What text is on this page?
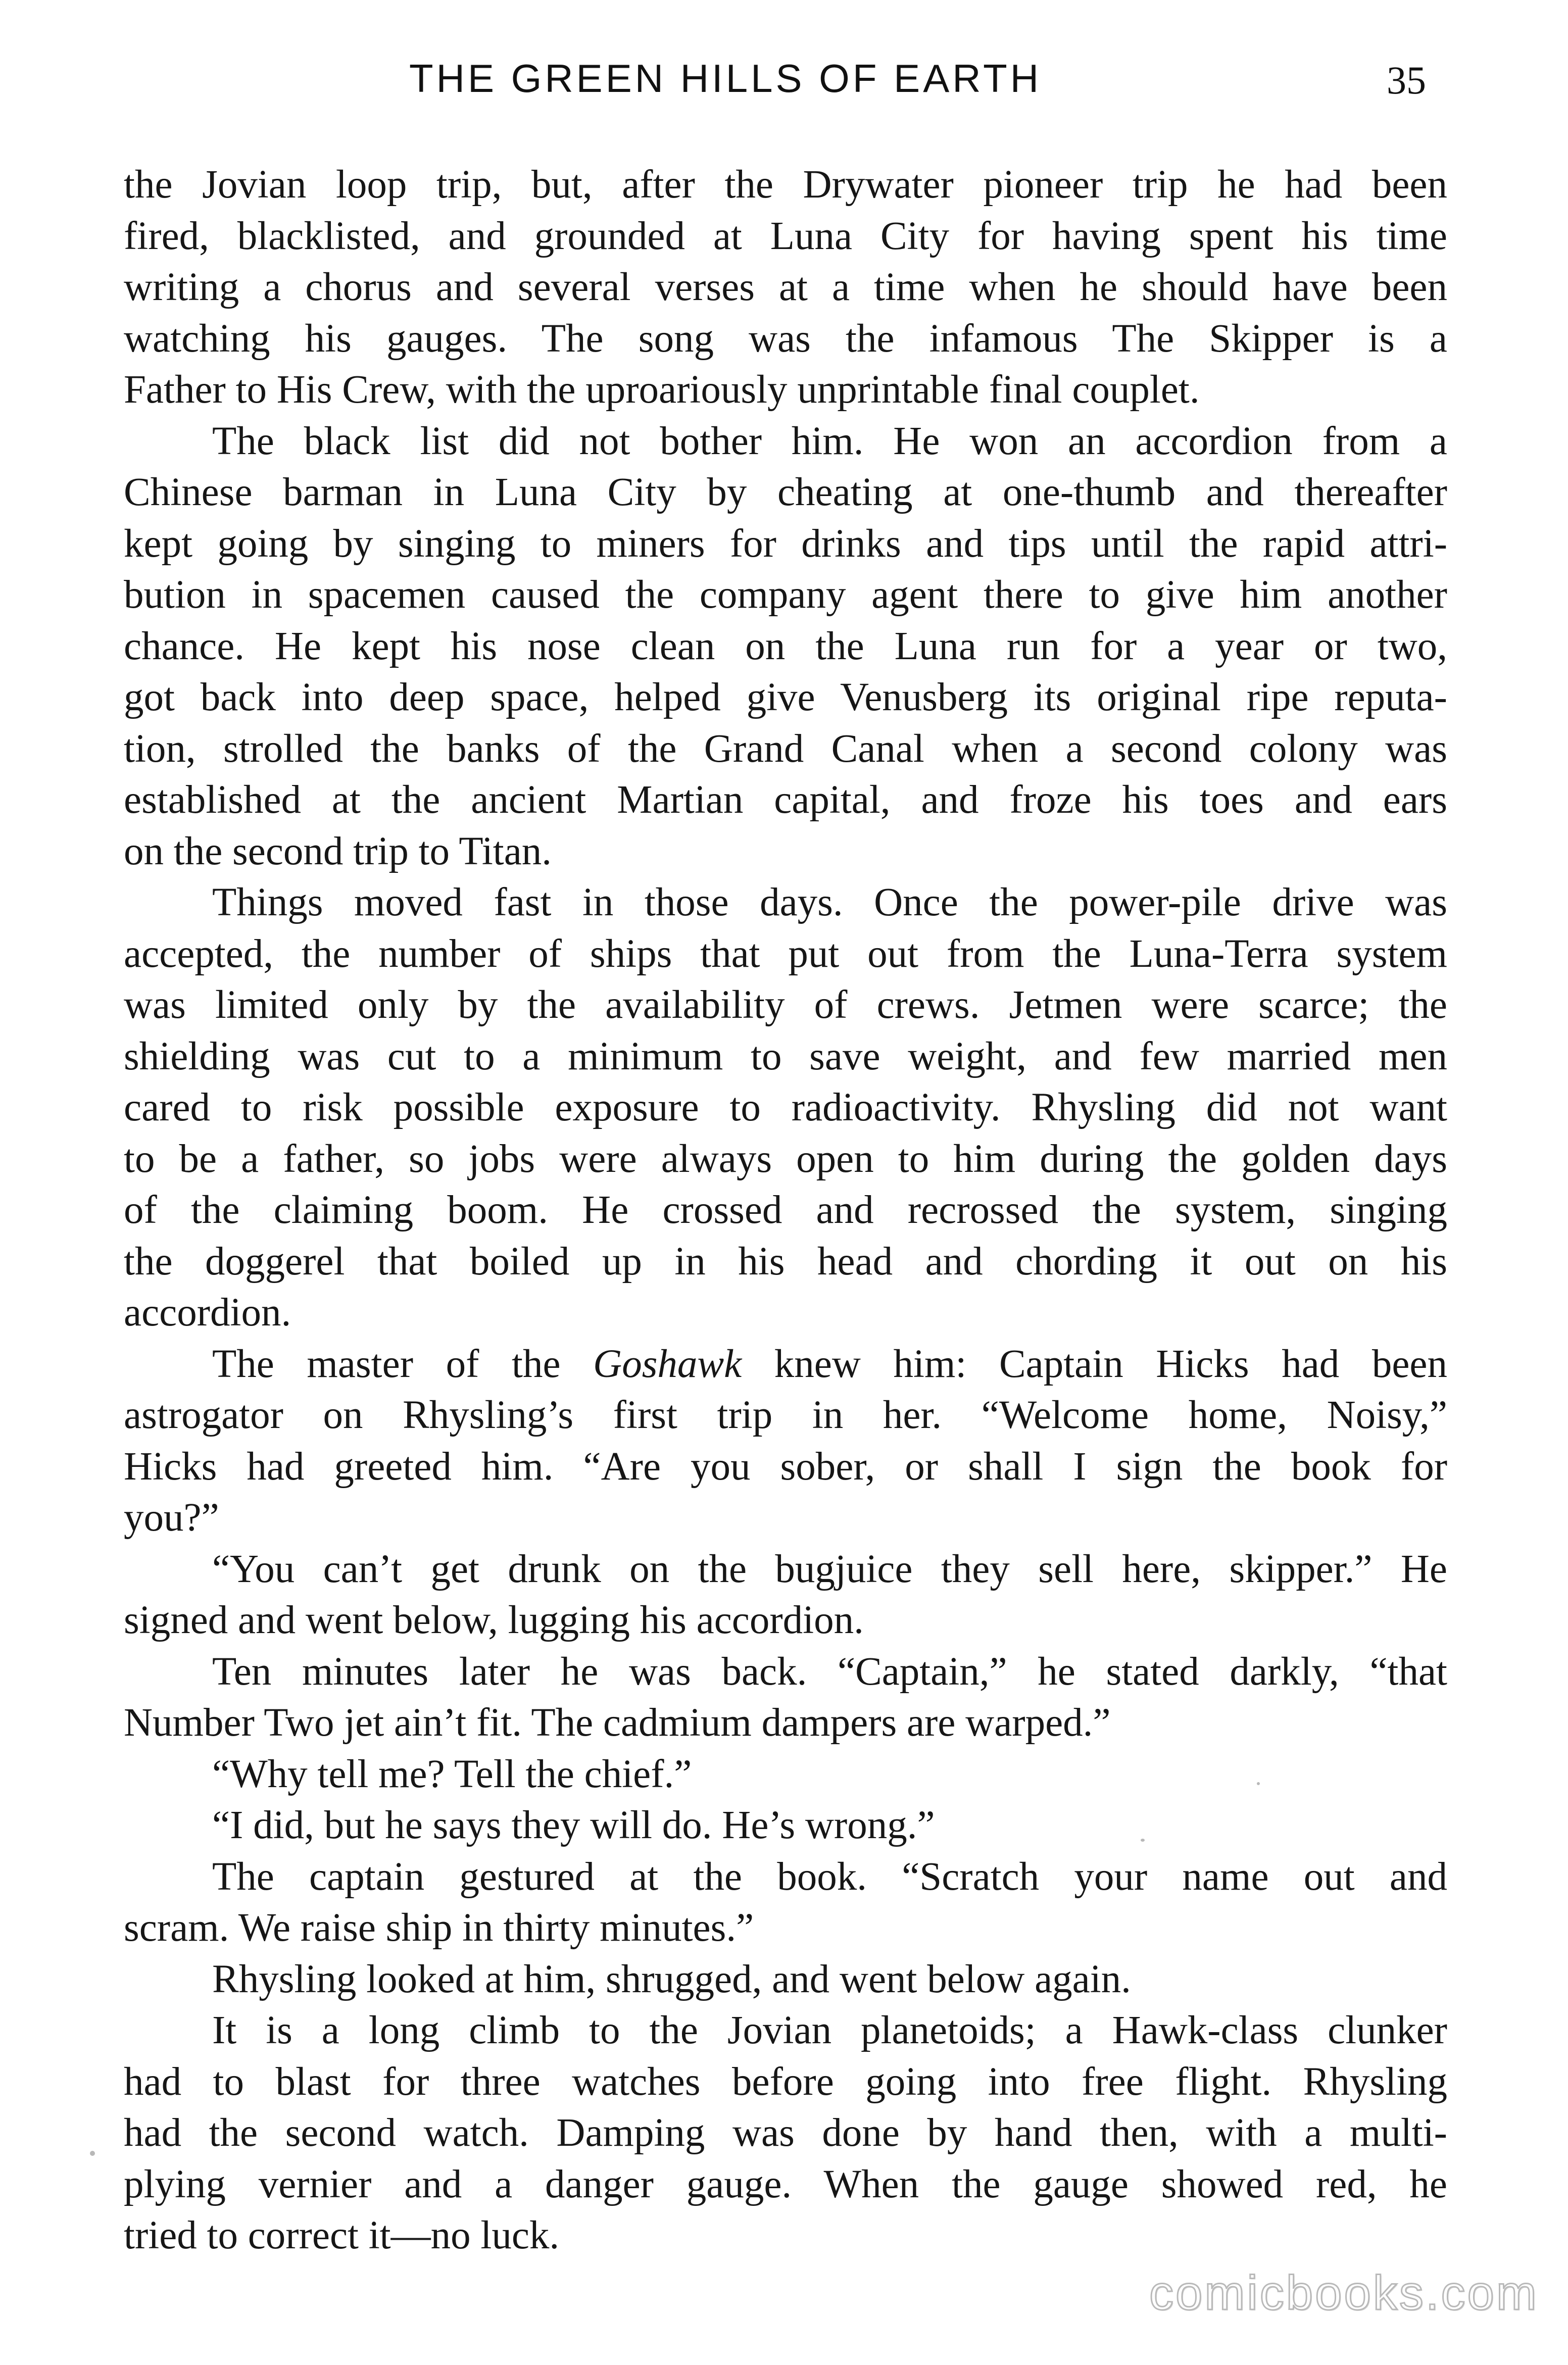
THE GREEN HILLS OF EARTH	35
the Jovian loop trip, but, after the Drywater pioneer trip he had been
fired, blacklisted, and grounded at Luna City for having spent his time
writing a chorus and several verses at a time when he should have been
watching his gauges. The song was the infamous The Skipper is a
Father to His Crew, with the uproariously unprintable final couplet.
The black list did not bother him. He won an accordion from a
Chinese barman in Luna City by cheating at one-thumb and thereafter
kept going by singing to miners for drinks and tips until the rapid attri-
bution in spacemen caused the company agent there to give him another
chance. He kept his nose clean on the Luna run for a year or two,
got back into deep space, helped give Venusberg its original ripe reputa-
tion, strolled the banks of the Grand Canal when a second colony was
established at the ancient Martian capital, and froze his toes and ears
on the second trip to Titan.
Things moved fast in those days. Once the power-pile drive was
accepted, the number of ships that put out from the Luna-Terra system
was limited only by the availability of crews. Jetmen were scarce; the
shielding was cut to a minimum to save weight, and few married men
cared to risk possible exposure to radioactivity. Rhysling did not want
to be a father, so jobs were always open to him during the golden days
of the claiming boom. He crossed and recrossed the system, singing
the doggerel that boiled up in his head and chording it out on his
accordion.
The master of the Goshawk knew him: Captain Hicks had been
astrogator on Rhysling’s first trip in her. “Welcome home, Noisy,”
Hicks had greeted him. “Are you sober, or shall I sign the book for
you?”
“You can’t get drunk on the bugjuice they sell here, skipper.” He
signed and went below, lugging his accordion.
Ten minutes later he was back. “Captain,” he stated darkly, “that
Number Two jet ain’t fit. The cadmium dampers are warped.”
“Why tell me? Tell the chief.”
“I did, but he says they will do. He’s wrong.”
The captain gestured at the book. “Scratch your name out and
scram. We raise ship in thirty minutes.”
Rhysling looked at him, shrugged, and went below again.
It is a long climb to the Jovian planetoids; a Hawk-class clunker
had to blast for three watches before going into free flight. Rhysling
had the second watch. Damping was done by hand then, with a multi-
plying vernier and a danger gauge. When the gauge showed red, he
tried to correct it—no luck.
comicbooks.com
